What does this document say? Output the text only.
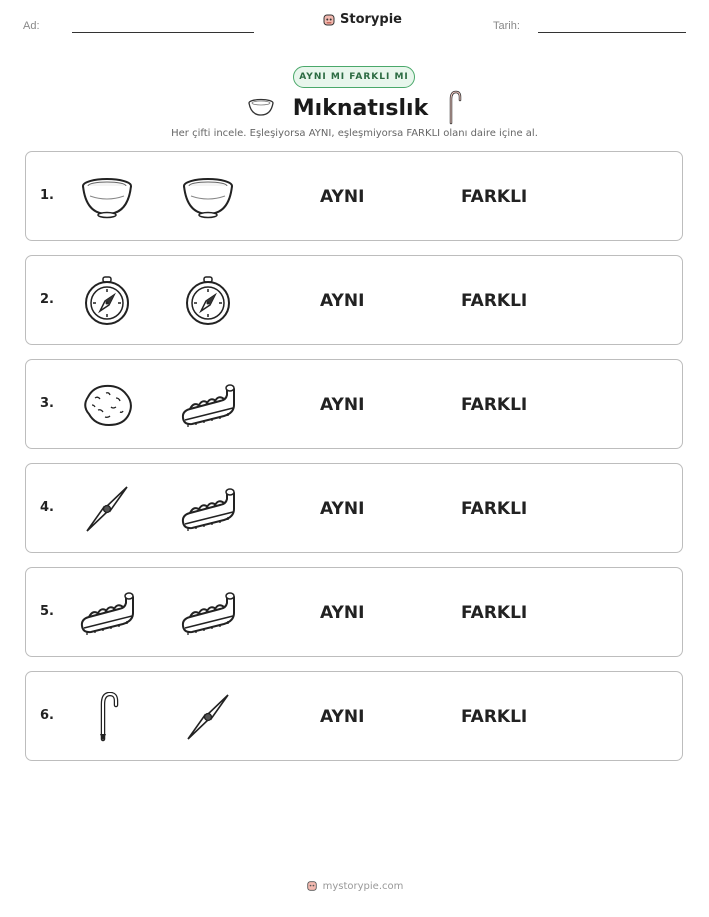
Ad:	Storypie	Tarih:
AYNI MI FARKLI MI
Mıknatıslık
Her çifti incele. Eşleşiyorsa AYNI, eşleşmiyorsa FARKLI olanı daire içine al.
1.	AYNI	FARKLI
2.	AYNI	FARKLI
3.	AYNI	FARKLI
4.	AYNI	FARKLI
5.	AYNI	FARKLI
6.	AYNI	FARKLI
mystorypie.com
